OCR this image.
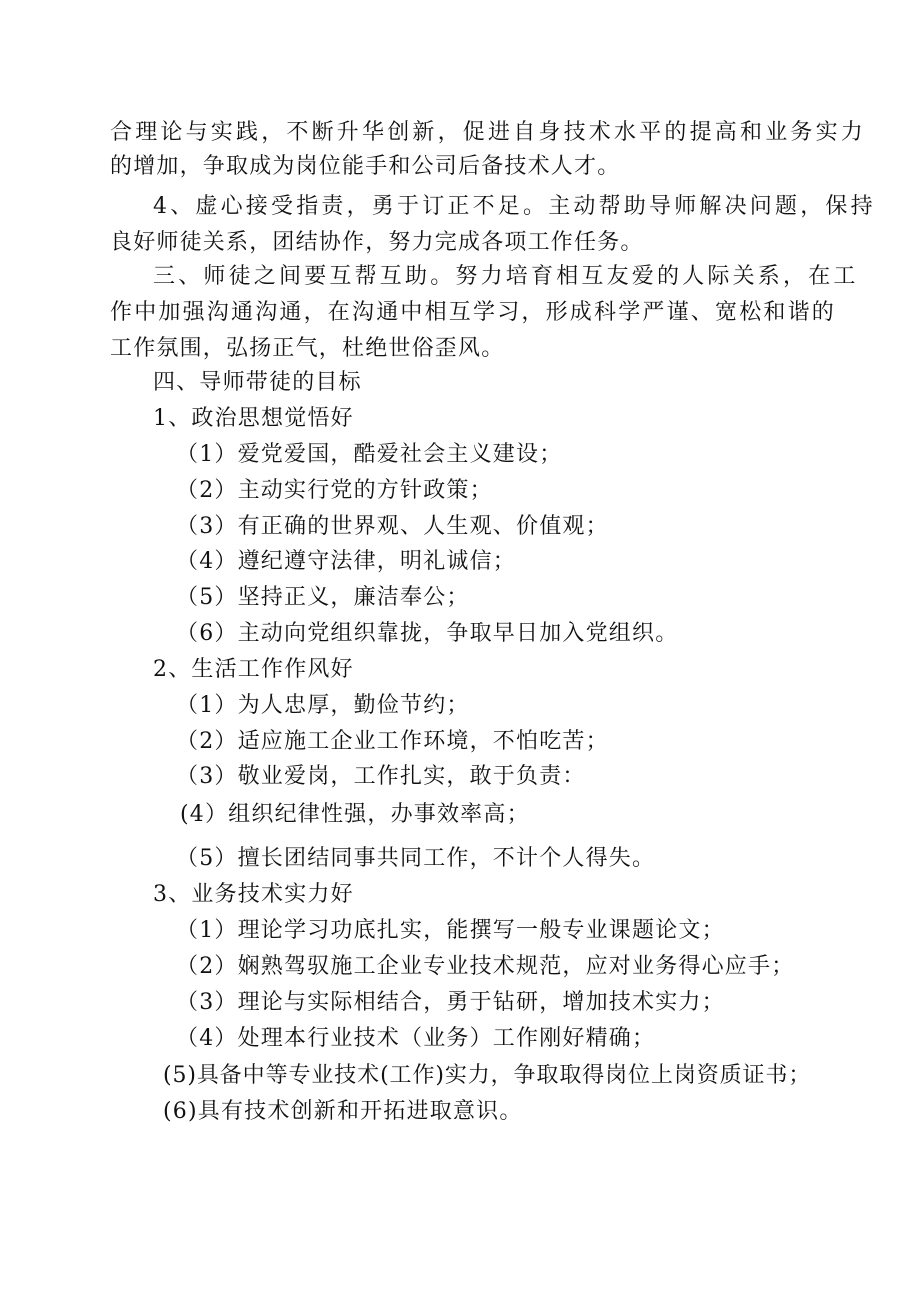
合理论与实践，不断升华创新，促进自身技术水平的提高和业务实力
的增加，争取成为岗位能手和公司后备技术人才。
4、虚心接受指责，勇于订正不足。主动帮助导师解决问题，保持
良好师徒关系，团结协作，努力完成各项工作任务。
三、师徒之间要互帮互助。努力培育相互友爱的人际关系，在工
作中加强沟通沟通，在沟通中相互学习，形成科学严谨、宽松和谐的
工作氛围，弘扬正气，杜绝世俗歪风。
四、导师带徒的目标
1、政治思想觉悟好
（1）爱党爱国，酷爱社会主义建设；
（2）主动实行党的方针政策；
（3）有正确的世界观、人生观、价值观；
（4）遵纪遵守法律，明礼诚信；
（5）坚持正义，廉洁奉公；
（6）主动向党组织靠拢，争取早日加入党组织。
2、生活工作作风好
（1）为人忠厚，勤俭节约；
（2）适应施工企业工作环境，不怕吃苦；
（3）敬业爱岗，工作扎实，敢于负责：
(4）组织纪律性强，办事效率高；
（5）擅长团结同事共同工作，不计个人得失。
3、业务技术实力好
（1）理论学习功底扎实，能撰写一般专业课题论文；
（2）娴熟驾驭施工企业专业技术规范，应对业务得心应手；
（3）理论与实际相结合，勇于钻研，增加技术实力；
（4）处理本行业技术（业务）工作刚好精确；
(5)具备中等专业技术(工作)实力，争取取得岗位上岗资质证书；
(6)具有技术创新和开拓进取意识。
